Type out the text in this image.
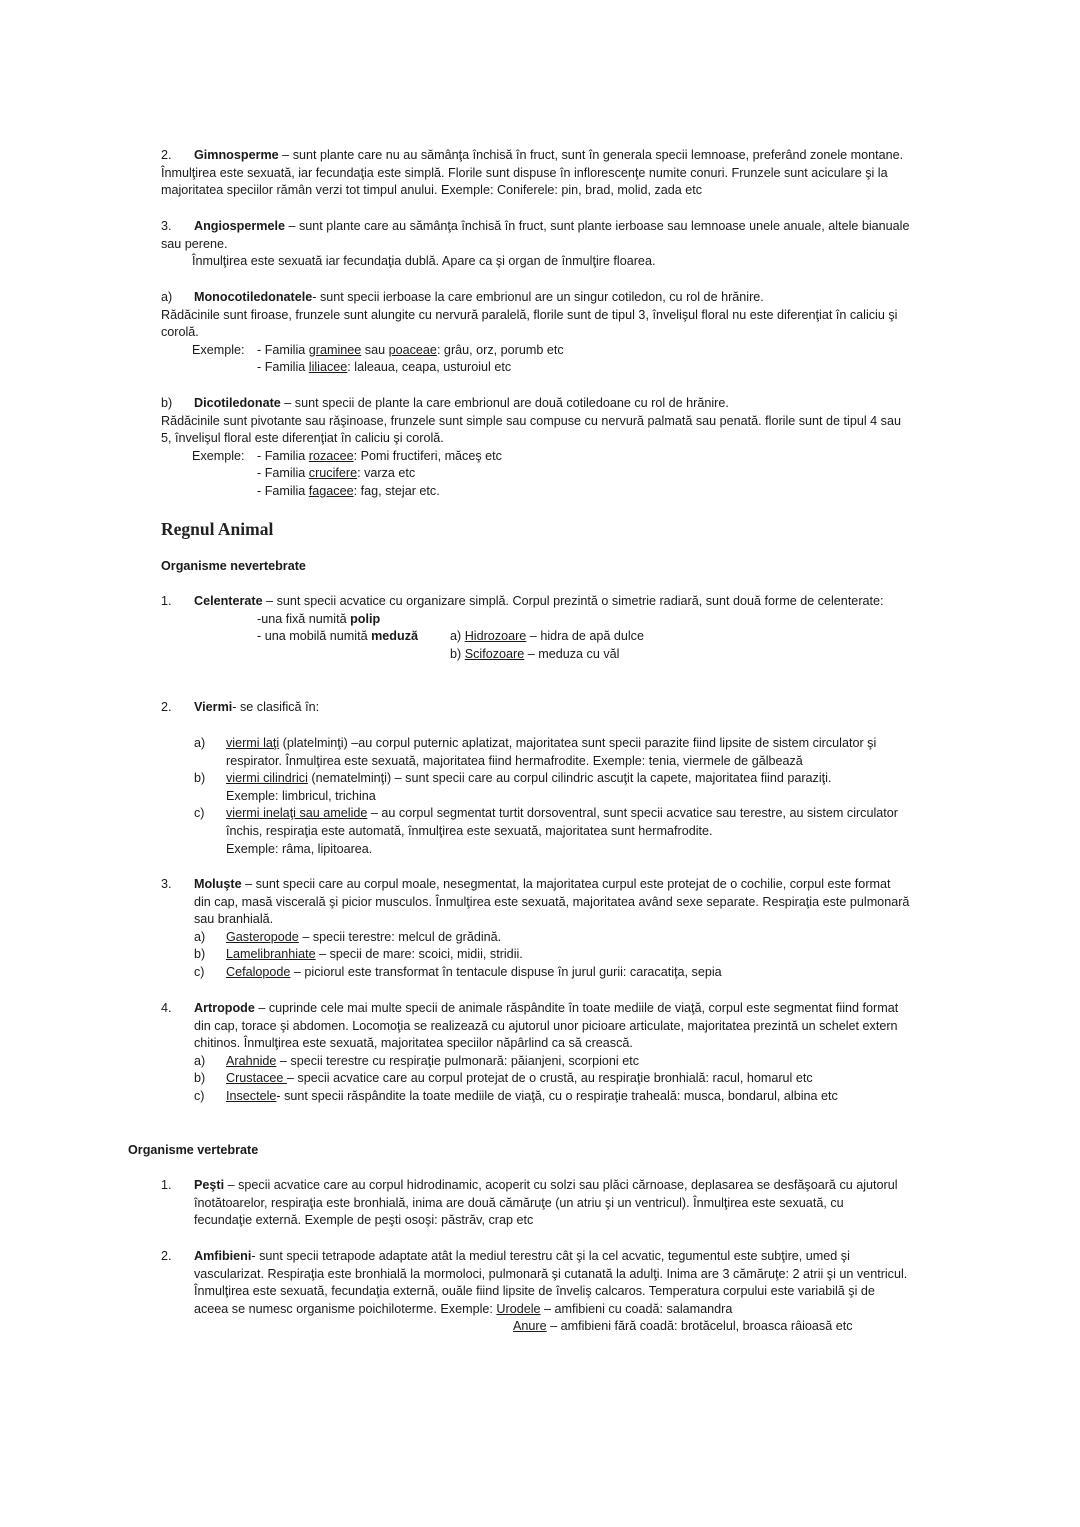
2. Gimnosperme – sunt plante care nu au sămânţa închisă în fruct, sunt în generala specii lemnoase, preferând zonele montane.
Înmulţirea este sexuată, iar fecundaţia este simplă. Florile sunt dispuse în inflorescenţe numite conuri. Frunzele sunt aciculare şi la
majoritatea speciilor rămân verzi tot timpul anului. Exemple: Coniferele: pin, brad, molid, zada etc
3. Angiospermele – sunt plante care au sămânţa închisă în fruct, sunt plante ierboase sau lemnoase unele anuale, altele bianuale
sau perene.
Înmulţirea este sexuată iar fecundaţia dublă. Apare ca şi organ de înmulţire floarea.
a) Monocotiledonatele- sunt specii ierboase la care embrionul are un singur cotiledon, cu rol de hrănire.
Rădăcinile sunt firoase, frunzele sunt alungite cu nervură paralelă, florile sunt de tipul 3, învelişul floral nu este diferenţiat în caliciu şi
corolă.
Exemple: - Familia graminee sau poaceae: grâu, orz, porumb etc
- Familia liliacee: laleaua, ceapa, usturoiul etc
b) Dicotiledonate – sunt specii de plante la care embrionul are două cotiledoane cu rol de hrănire.
Rădăcinile sunt pivotante sau rǎşinoase, frunzele sunt simple sau compuse cu nervură palmată sau penată. florile sunt de tipul 4 sau
5, învelişul floral este diferenţiat în caliciu şi corolă.
Exemple: - Familia rozacee: Pomi fructiferi, măceş etc
- Familia crucifere: varza etc
- Familia fagacee: fag, stejar etc.
Regnul Animal
Organisme nevertebrate
1. Celenterate – sunt specii acvatice cu organizare simplă. Corpul prezintă o simetrie radiară, sunt două forme de celenterate:
-una fixă numită polip
- una mobilă numită meduză	a) Hidrozoare – hidra de apă dulce
b) Scifozoare – meduza cu văl
2. Viermi- se clasifică în:
a) viermi laţi (platelminţi) –au corpul puternic aplatizat, majoritatea sunt specii parazite fiind lipsite de sistem circulator şi
respirator. Înmulţirea este sexuată, majoritatea fiind hermafrodite. Exemple: tenia, viermele de gălbează
b) viermi cilindrici (nematelminţi) – sunt specii care au corpul cilindric ascuţit la capete, majoritatea fiind paraziţi.
Exemple: limbricul, trichina
c) viermi inelaţi sau amelide – au corpul segmentat turtit dorsoventral, sunt specii acvatice sau terestre, au sistem circulator
închis, respiraţia este automată, înmulţirea este sexuată, majoritatea sunt hermafrodite.
Exemple: râma, lipitoarea.
3. Moluşte – sunt specii care au corpul moale, nesegmentat, la majoritatea curpul este protejat de o cochilie, corpul este format
din cap, masă viscerală şi picior musculos. Înmulţirea este sexuată, majoritatea având sexe separate. Respiraţia este pulmonară
sau branhială.
a) Gasteropode – specii terestre: melcul de grădină.
b) Lamelibranhiate – specii de mare: scoici, midii, stridii.
c) Cefalopode – piciorul este transformat în tentacule dispuse în jurul gurii: caracatiţa, sepia
4. Artropode – cuprinde cele mai multe specii de animale răspândite în toate mediile de viaţă, corpul este segmentat fiind format
din cap, torace şi abdomen. Locomoţia se realizează cu ajutorul unor picioare articulate, majoritatea prezintă un schelet extern
chitinos. Înmulţirea este sexuată, majoritatea speciilor năpârlind ca să crească.
a) Arahnide – specii terestre cu respiraţie pulmonară: păianjeni, scorpioni etc
b) Crustacee – specii acvatice care au corpul protejat de o crustă, au respiraţie bronhială: racul, homarul etc
c) Insectele- sunt specii răspândite la toate mediile de viaţă, cu o respiraţie traheală: musca, bondarul, albina etc
Organisme vertebrate
1. Peşti – specii acvatice care au corpul hidrodinamic, acoperit cu solzi sau plăci cărnoase, deplasarea se desfăşoară cu ajutorul
înotătoarelor, respiraţia este bronhială, inima are două cămăruţe (un atriu şi un ventricul). Înmulţirea este sexuată, cu
fecundaţie externă. Exemple de peşti osoşi: păstrăv, crap etc
2. Amfibieni- sunt specii tetrapode adaptate atât la mediul terestru cât şi la cel acvatic, tegumentul este subţire, umed şi
vascularizat. Respiraţia este bronhială la mormoloci, pulmonară şi cutanată la adulţi. Inima are 3 cămăruţe: 2 atrii şi un ventricul.
Înmulţirea este sexuată, fecundaţia externă, ouăle fiind lipsite de înveliş calcaros. Temperatura corpului este variabilă şi de
aceea se numesc organisme poichiloterme. Exemple: Urodele – amfibieni cu coadă: salamandra
Anure – amfibieni fără coadă: brotăcelul, broasca râioasă etc
